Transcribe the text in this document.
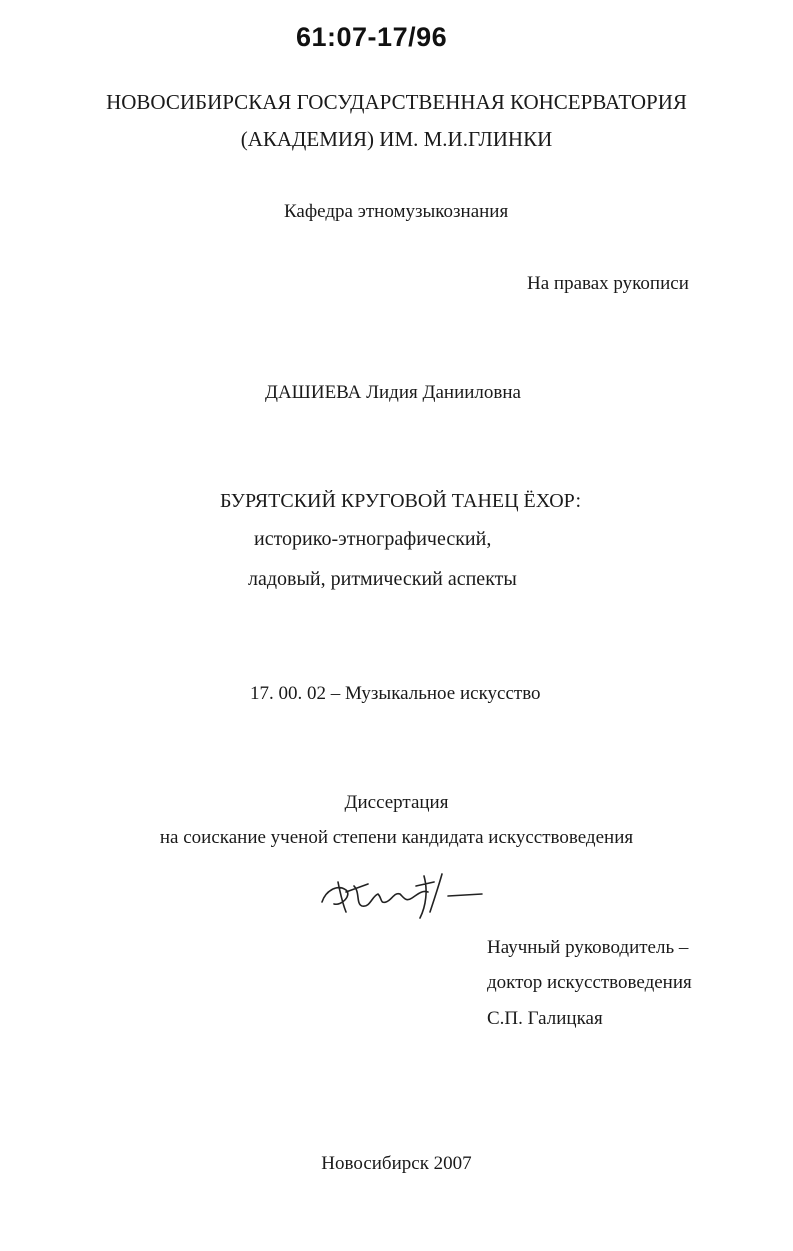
61:07-17/96
НОВОСИБИРСКАЯ ГОСУДАРСТВЕННАЯ КОНСЕРВАТОРИЯ
(АКАДЕМИЯ) ИМ. М.И.ГЛИНКИ
Кафедра этномузыкознания
На правах рукописи
ДАШИЕВА Лидия Данииловна
БУРЯТСКИЙ КРУГОВОЙ ТАНЕЦ ЁХОР:
историко-этнографический,
ладовый, ритмический аспекты
17. 00. 02 – Музыкальное искусство
Диссертация
на соискание ученой степени кандидата искусствоведения
Научный руководитель –
доктор искусствоведения
С.П. Галицкая
Новосибирск 2007
